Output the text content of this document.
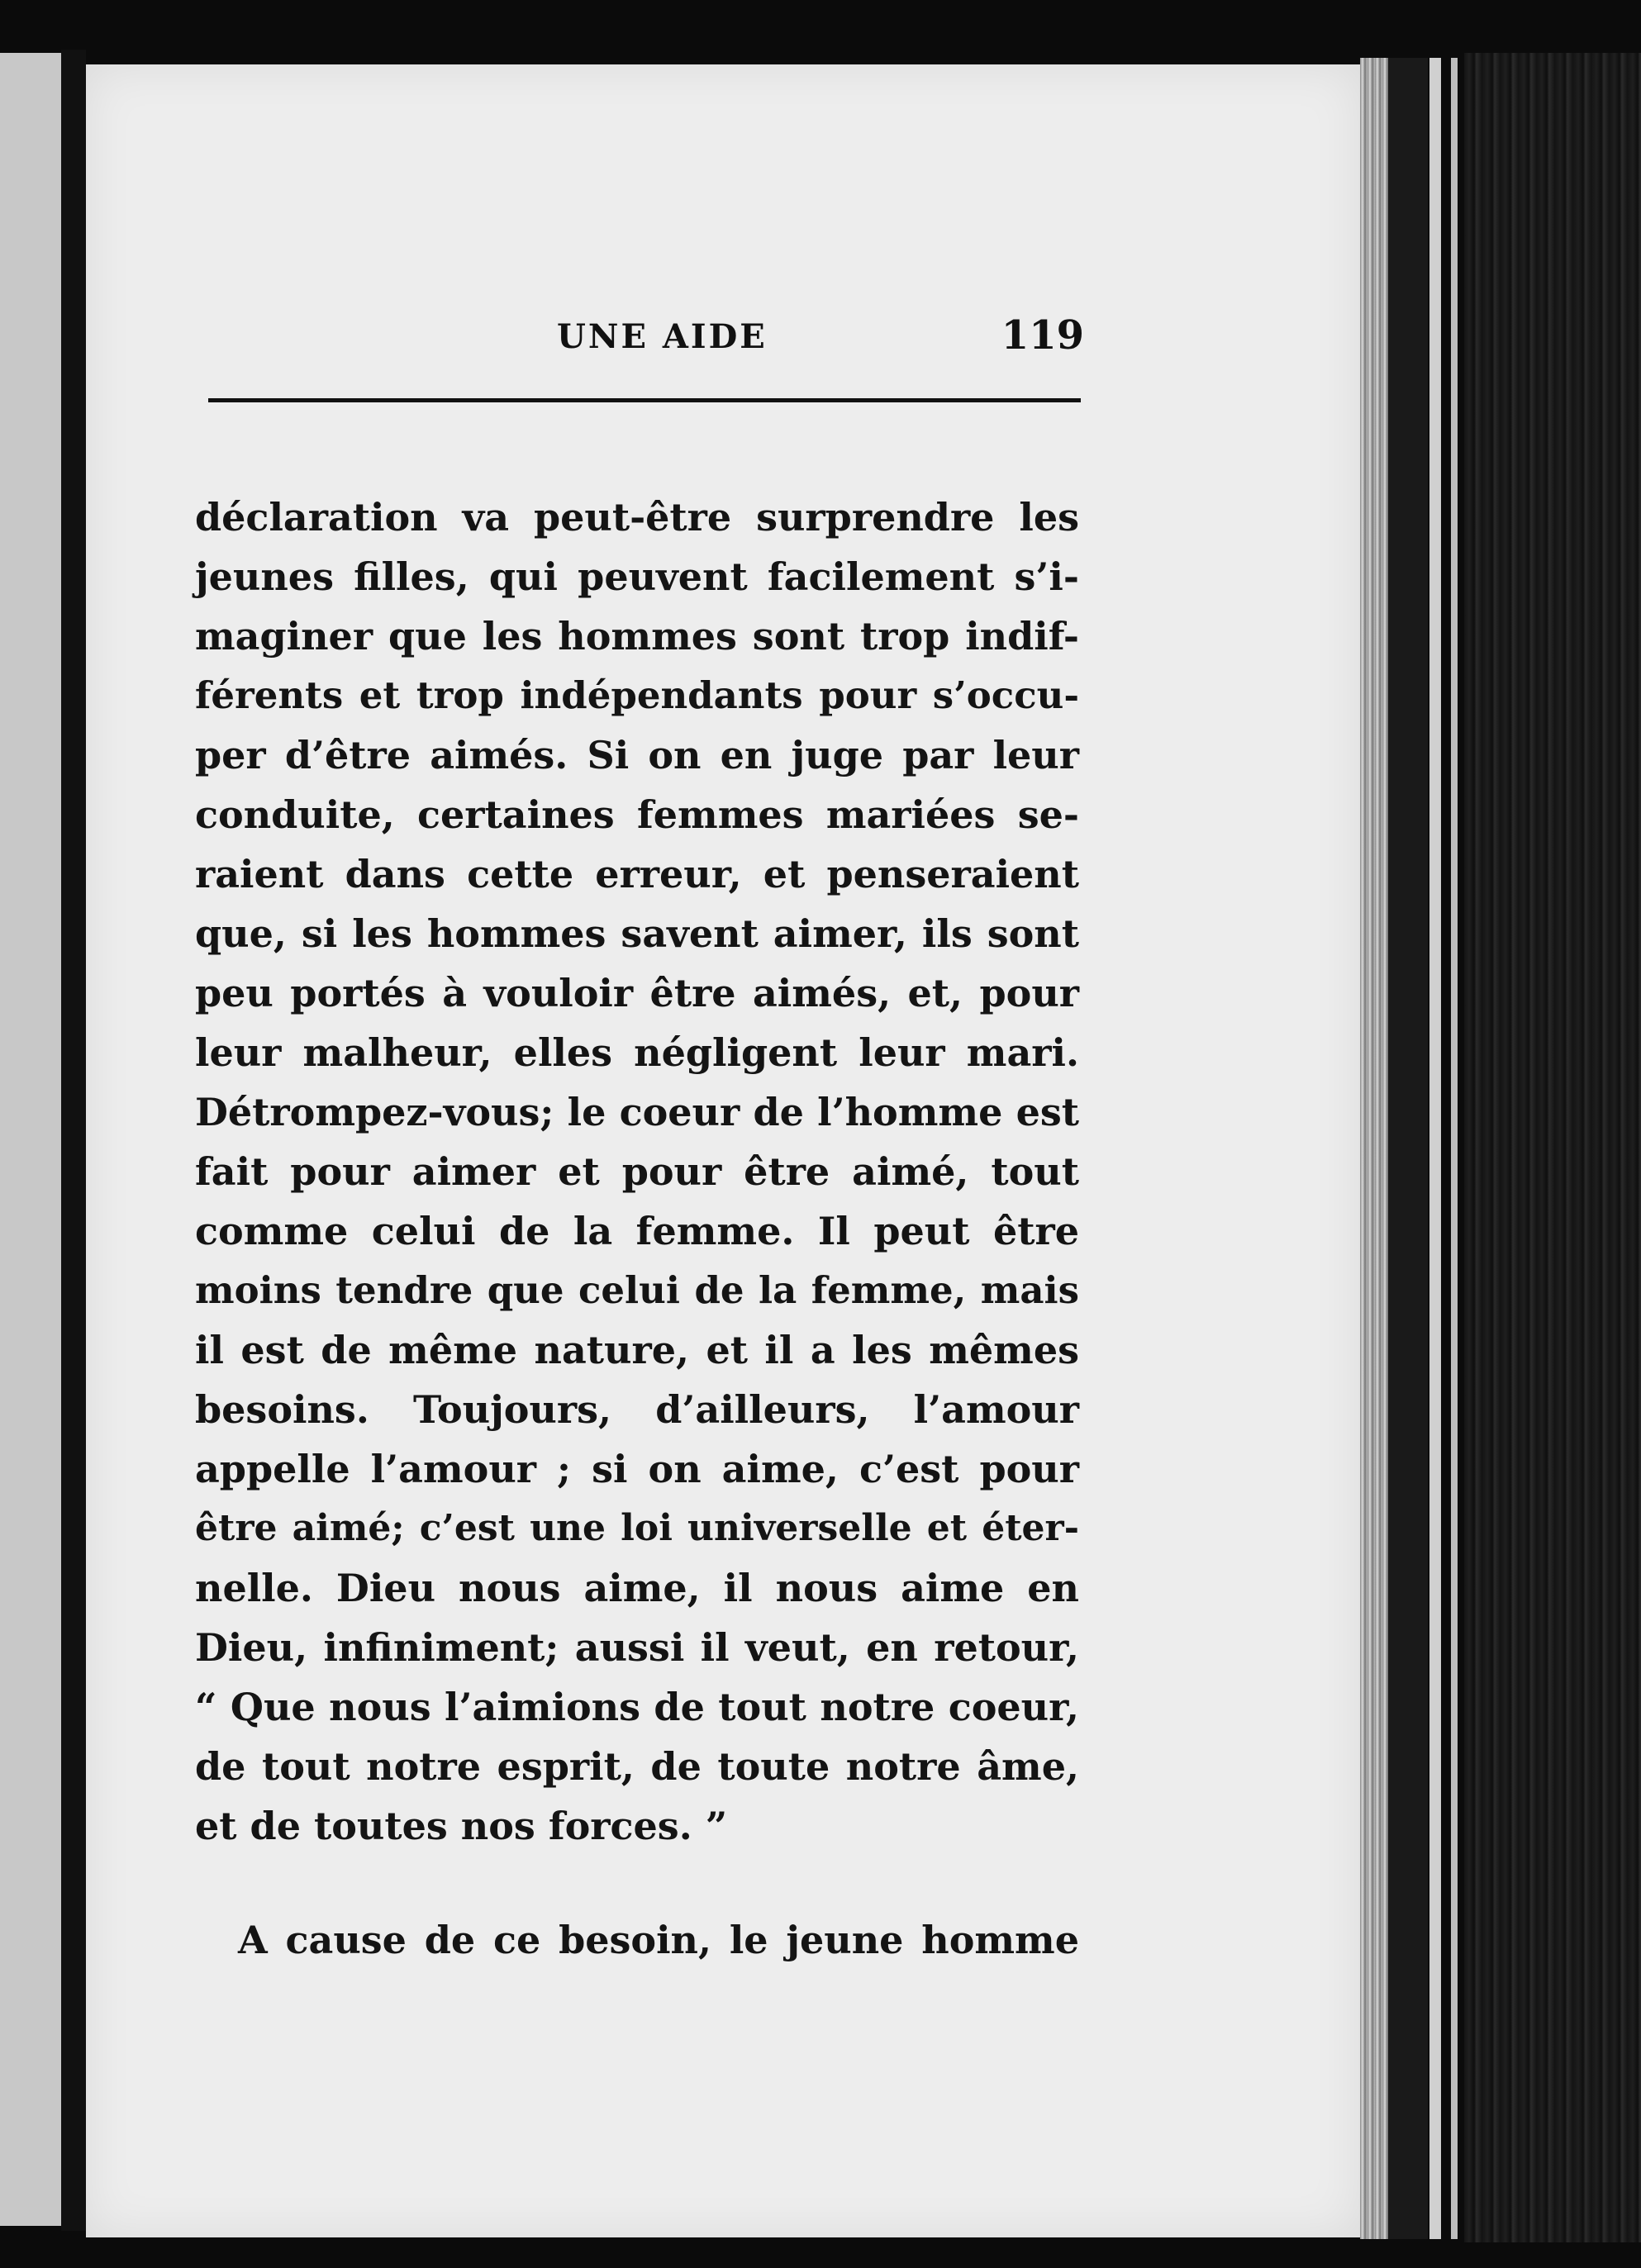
UNE AIDE	119
déclaration va peut-être surprendre les
jeunes filles, qui peuvent facilement s’i-
maginer que les hommes sont trop indif-
férents et trop indépendants pour s’occu-
per d’être aimés. Si on en juge par leur
conduite, certaines femmes mariées se-
raient dans cette erreur, et penseraient
que, si les hommes savent aimer, ils sont
peu portés à vouloir être aimés, et, pour
leur malheur, elles négligent leur mari.
Détrompez-vous; le coeur de l’homme est
fait pour aimer et pour être aimé, tout
comme celui de la femme. Il peut être
moins tendre que celui de la femme, mais
il est de même nature, et il a les mêmes
besoins. Toujours, d’ailleurs, l’amour
appelle l’amour ; si on aime, c’est pour
être aimé; c’est une loi universelle et éter-
nelle. Dieu nous aime, il nous aime en
Dieu, infiniment; aussi il veut, en retour,
“ Que nous l’aimions de tout notre coeur,
de tout notre esprit, de toute notre âme,
et de toutes nos forces. ”
A cause de ce besoin, le jeune homme
